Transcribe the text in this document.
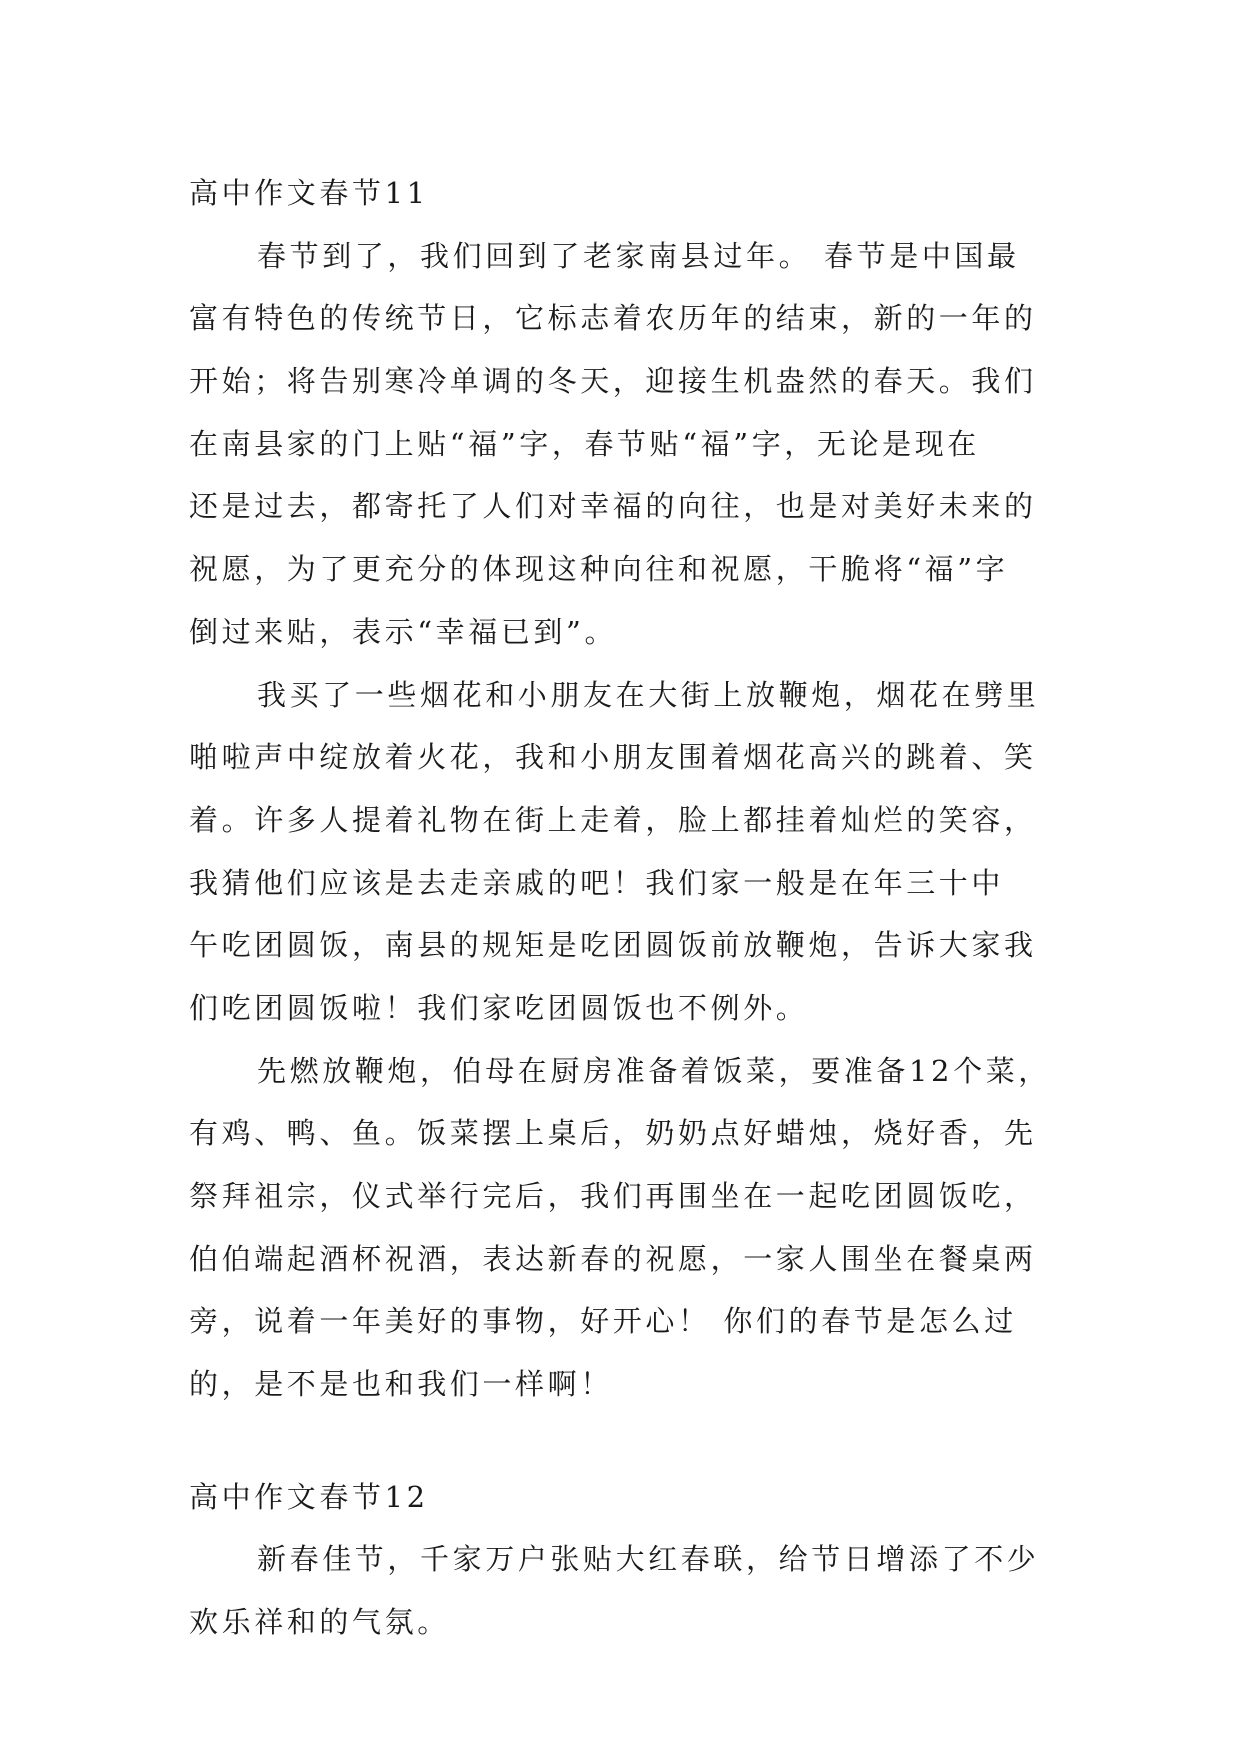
高中作文春节11
春节到了，我们回到了老家南县过年。 春节是中国最
富有特色的传统节日，它标志着农历年的结束，新的一年的
开始；将告别寒冷单调的冬天，迎接生机盎然的春天。我们
在南县家的门上贴“福”字，春节贴“福”字，无论是现在
还是过去，都寄托了人们对幸福的向往，也是对美好未来的
祝愿，为了更充分的体现这种向往和祝愿，干脆将“福”字
倒过来贴，表示“幸福已到”。
我买了一些烟花和小朋友在大街上放鞭炮，烟花在劈里
啪啦声中绽放着火花，我和小朋友围着烟花高兴的跳着、笑
着。许多人提着礼物在街上走着，脸上都挂着灿烂的笑容，
我猜他们应该是去走亲戚的吧！我们家一般是在年三十中
午吃团圆饭，南县的规矩是吃团圆饭前放鞭炮，告诉大家我
们吃团圆饭啦！我们家吃团圆饭也不例外。
先燃放鞭炮，伯母在厨房准备着饭菜，要准备12个菜，
有鸡、鸭、鱼。饭菜摆上桌后，奶奶点好蜡烛，烧好香，先
祭拜祖宗，仪式举行完后，我们再围坐在一起吃团圆饭吃，
伯伯端起酒杯祝酒，表达新春的祝愿，一家人围坐在餐桌两
旁，说着一年美好的事物，好开心！ 你们的春节是怎么过
的，是不是也和我们一样啊！
高中作文春节12
新春佳节，千家万户张贴大红春联，给节日增添了不少
欢乐祥和的气氛。
